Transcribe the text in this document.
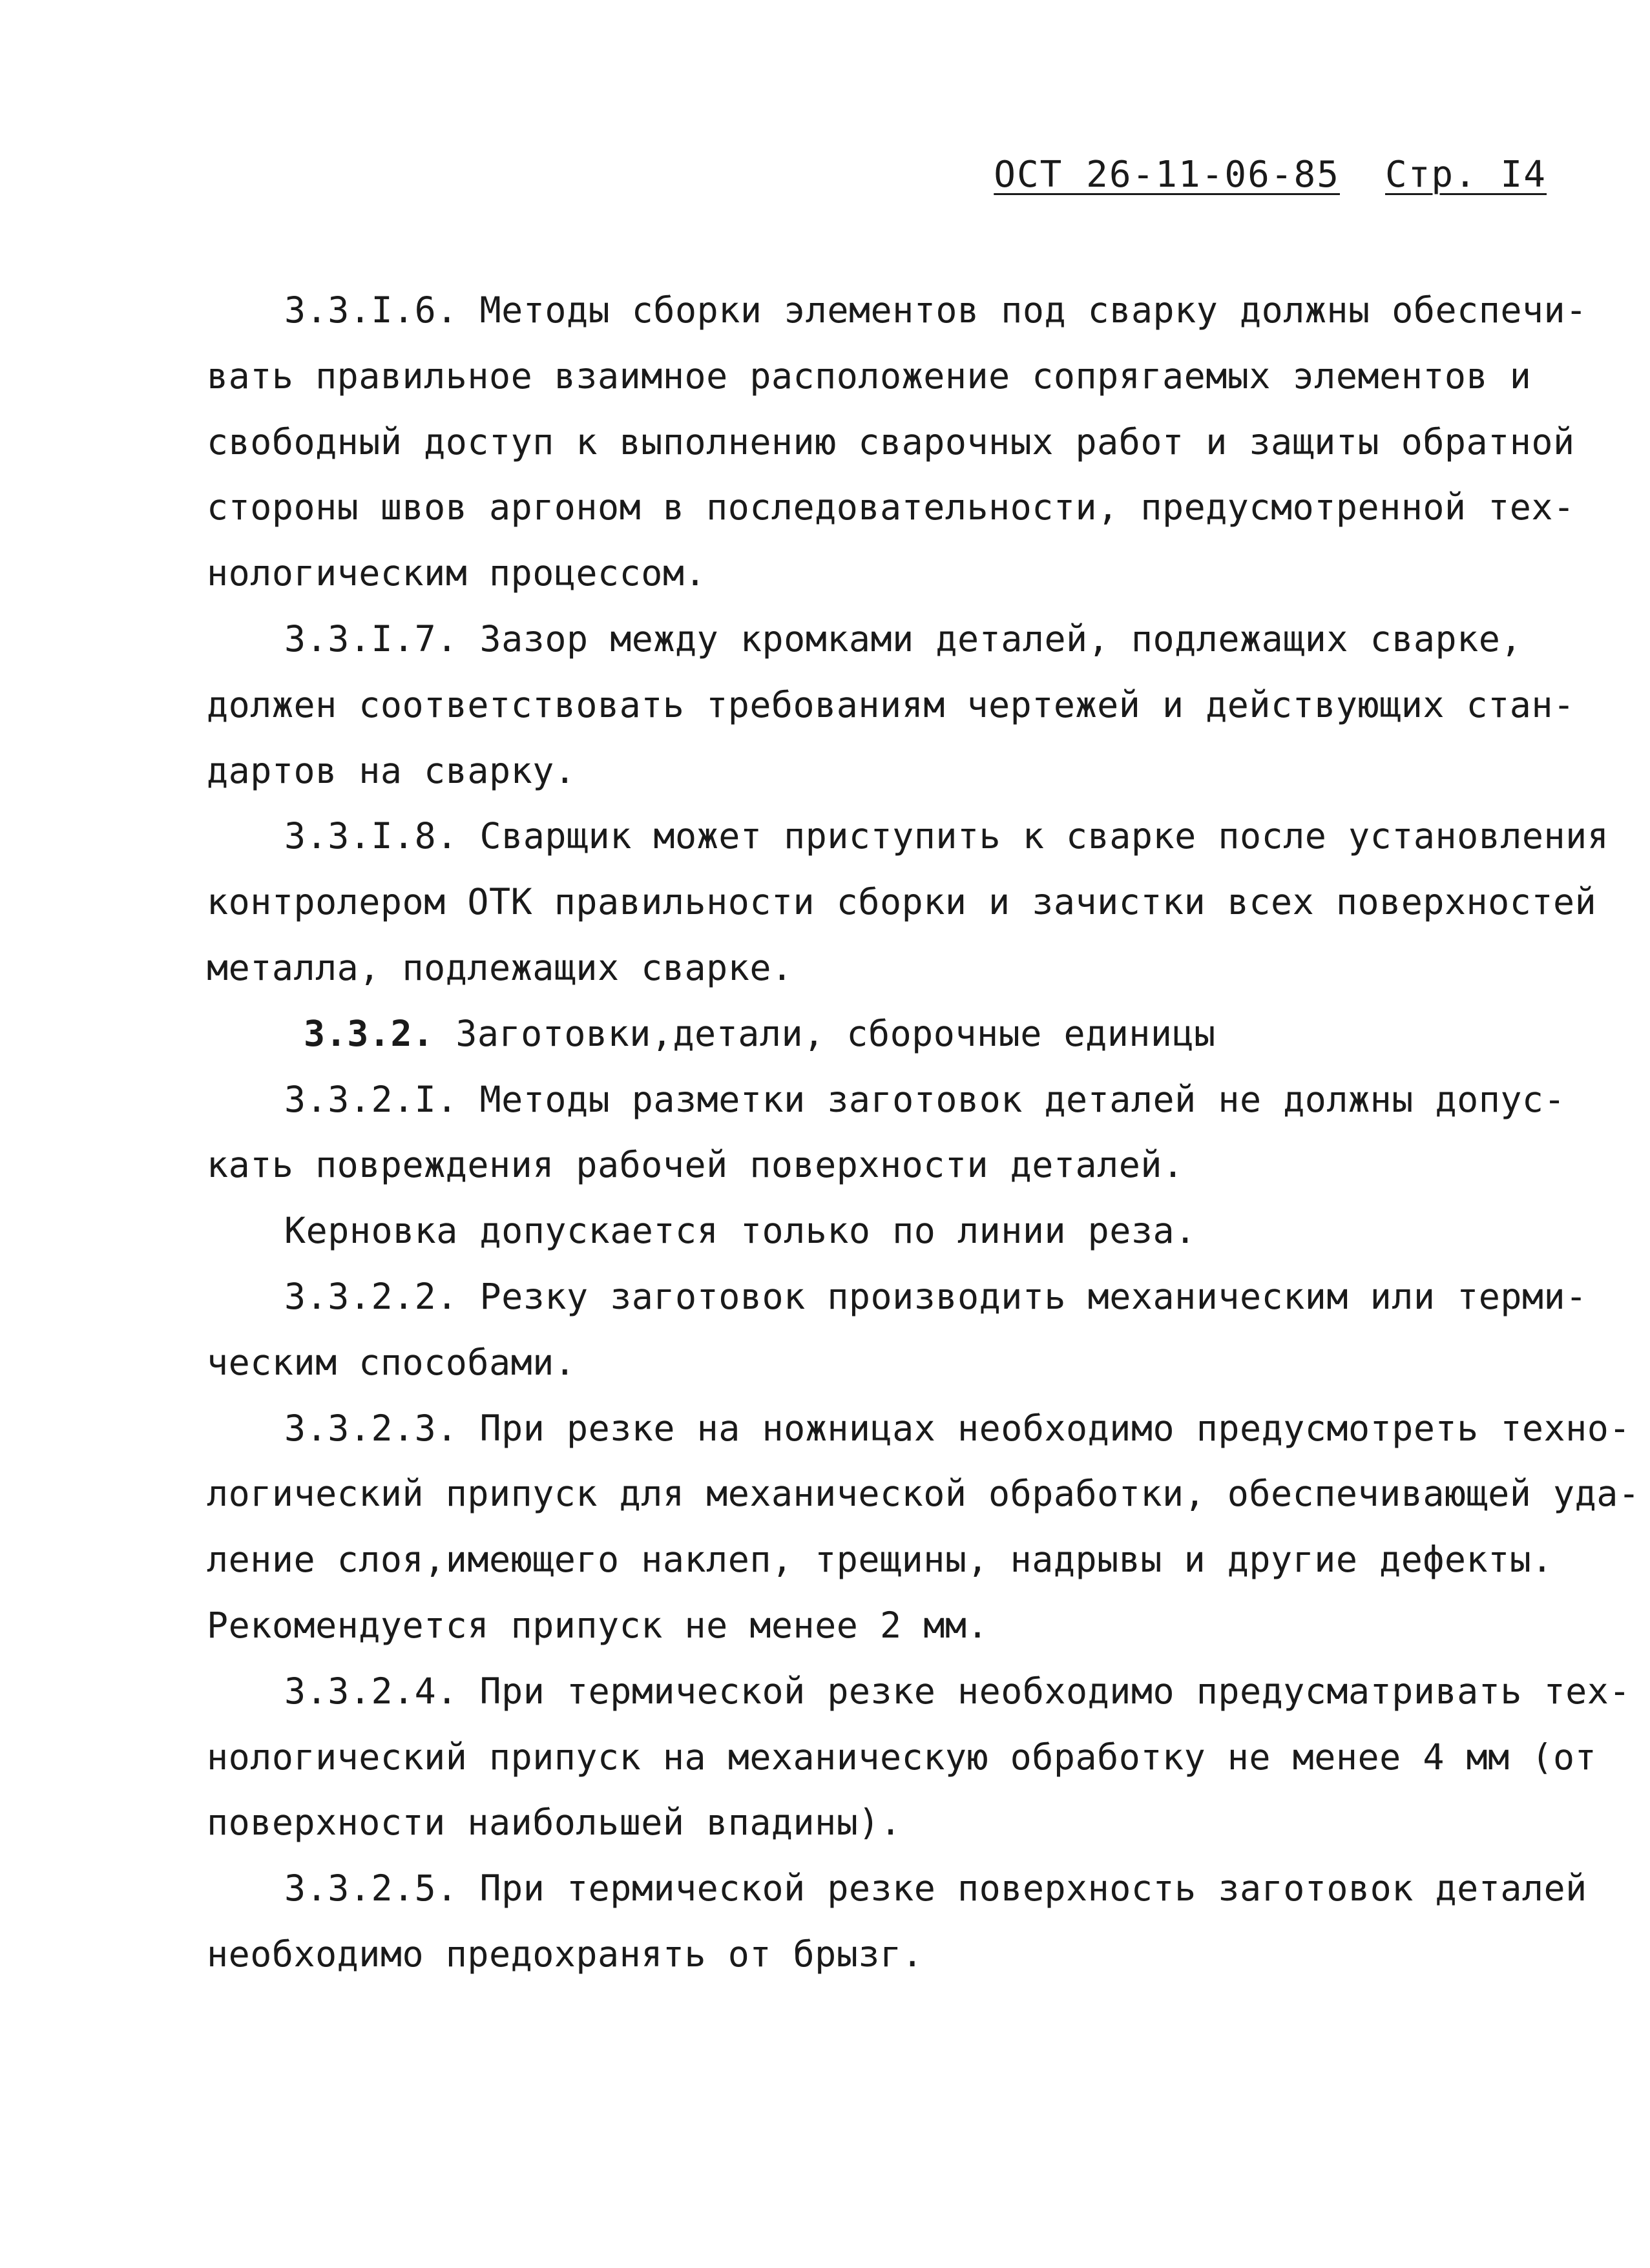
ОСТ 26-11-06-85 Стр. I4
3.3.I.6. Методы сборки элементов под сварку должны обеспечи-
вать правильное взаимное расположение сопрягаемых элементов и
свободный доступ к выполнению сварочных работ и защиты обратной
стороны швов аргоном в последовательности, предусмотренной тех-
нологическим процессом.
3.3.I.7. Зазор между кромками деталей, подлежащих сварке,
должен соответствовать требованиям чертежей и действующих стан-
дартов на сварку.
3.3.I.8. Сварщик может приступить к сварке после установления
контролером ОТК правильности сборки и зачистки всех поверхностей
металла, подлежащих сварке.
3.3.2. Заготовки,детали, сборочные единицы
3.3.2.I. Методы разметки заготовок деталей не должны допус-
кать повреждения рабочей поверхности деталей.
Керновка допускается только по линии реза.
3.3.2.2. Резку заготовок производить механическим или терми-
ческим способами.
3.3.2.3. При резке на ножницах необходимо предусмотреть техно-
логический припуск для механической обработки, обеспечивающей уда-
ление слоя,имеющего наклеп, трещины, надрывы и другие дефекты.
Рекомендуется припуск не менее 2 мм.
3.3.2.4. При термической резке необходимо предусматривать тех-
нологический припуск на механическую обработку не менее 4 мм (от
поверхности наибольшей впадины).
3.3.2.5. При термической резке поверхность заготовок деталей
необходимо предохранять от брызг.
